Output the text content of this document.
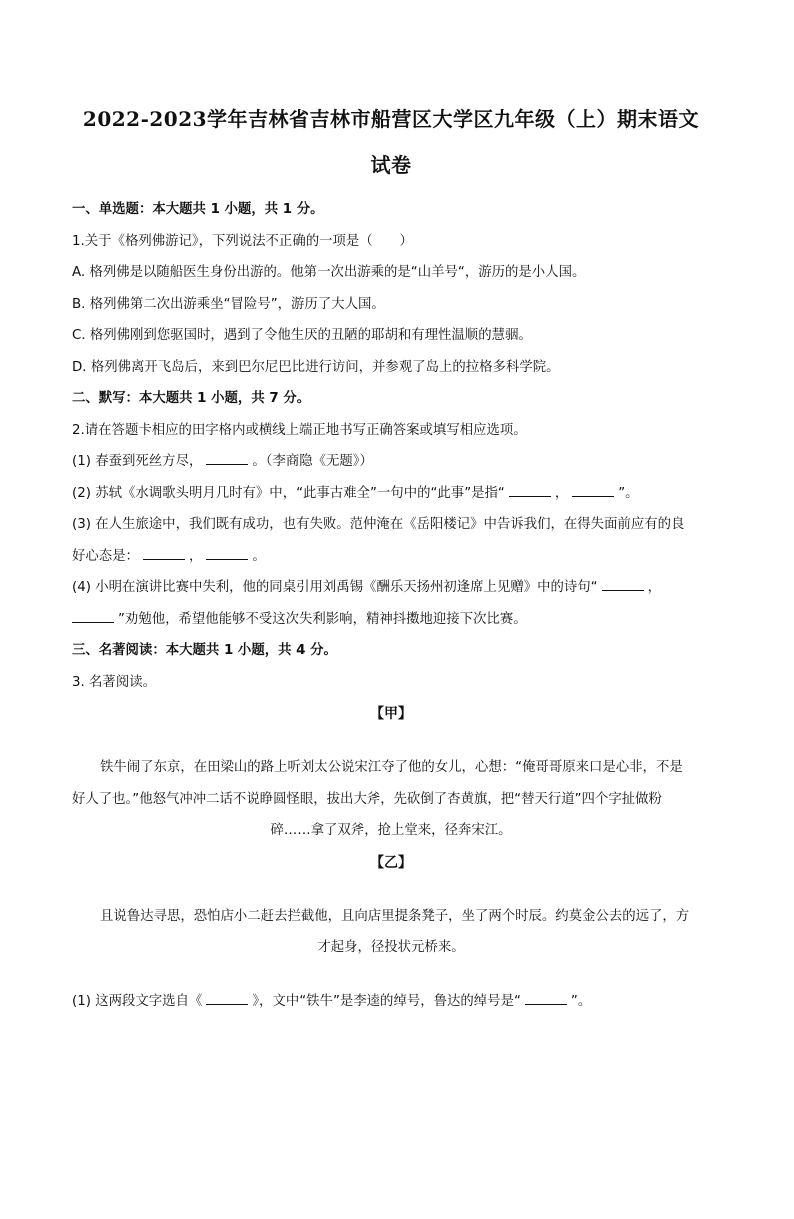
2022-2023学年吉林省吉林市船营区大学区九年级（上）期末语文试卷

一、单选题：本大题共 1 小题，共 1 分。

1.关于《格列佛游记》，下列说法不正确的一项是（　　）

A. 格列佛是以随船医生身份出游的。他第一次出游乘的是“山羊号“，游历的是小人国。

B. 格列佛第二次出游乘坐“冒险号”，游历了大人国。

C. 格列佛刚到您驱国时，遇到了令他生厌的丑陋的耶胡和有理性温顺的慧骃。

D. 格列佛离开飞岛后，来到巴尔尼巴比进行访问，并参观了岛上的拉格多科学院。

二、默写：本大题共 1 小题，共 7 分。

2.请在答题卡相应的田字格内或横线上端正地书写正确答案或填写相应选项。

(1) 春蚕到死丝方尽，	。（李商隐《无题》）

(2) 苏轼《水调歌头明月几时有》中，“此事古难全”一句中的“此事”是指“	，	”。

(3) 在人生旅途中，我们既有成功，也有失败。范仲淹在《岳阳楼记》中告诉我们，在得失面前应有的良

好心态是：	，	。

(4) 小明在演讲比赛中失利，他的同桌引用刘禹锡《酬乐天扬州初逢席上见赠》中的诗句“	，

”劝勉他，希望他能够不受这次失利影响，精神抖擞地迎接下次比赛。

三、名著阅读：本大题共 1 小题，共 4 分。

3. 名著阅读。

【甲】

铁牛闹了东京，在田梁山的路上听刘太公说宋江夺了他的女儿，心想：“俺哥哥原来口是心非，不是

好人了也。”他怒气冲冲二话不说睁圆怪眼，拔出大斧，先砍倒了杏黄旗，把“替天行道”四个字扯做粉

碎……拿了双斧，抢上堂来，径奔宋江。

【乙】

且说鲁达寻思，恐怕店小二赶去拦截他，且向店里提条凳子，坐了两个时辰。约莫金公去的远了，方

才起身，径投状元桥来。

(1) 这两段文字选自《	》，文中“铁牛”是李逵的绰号，鲁达的绰号是“	”。
